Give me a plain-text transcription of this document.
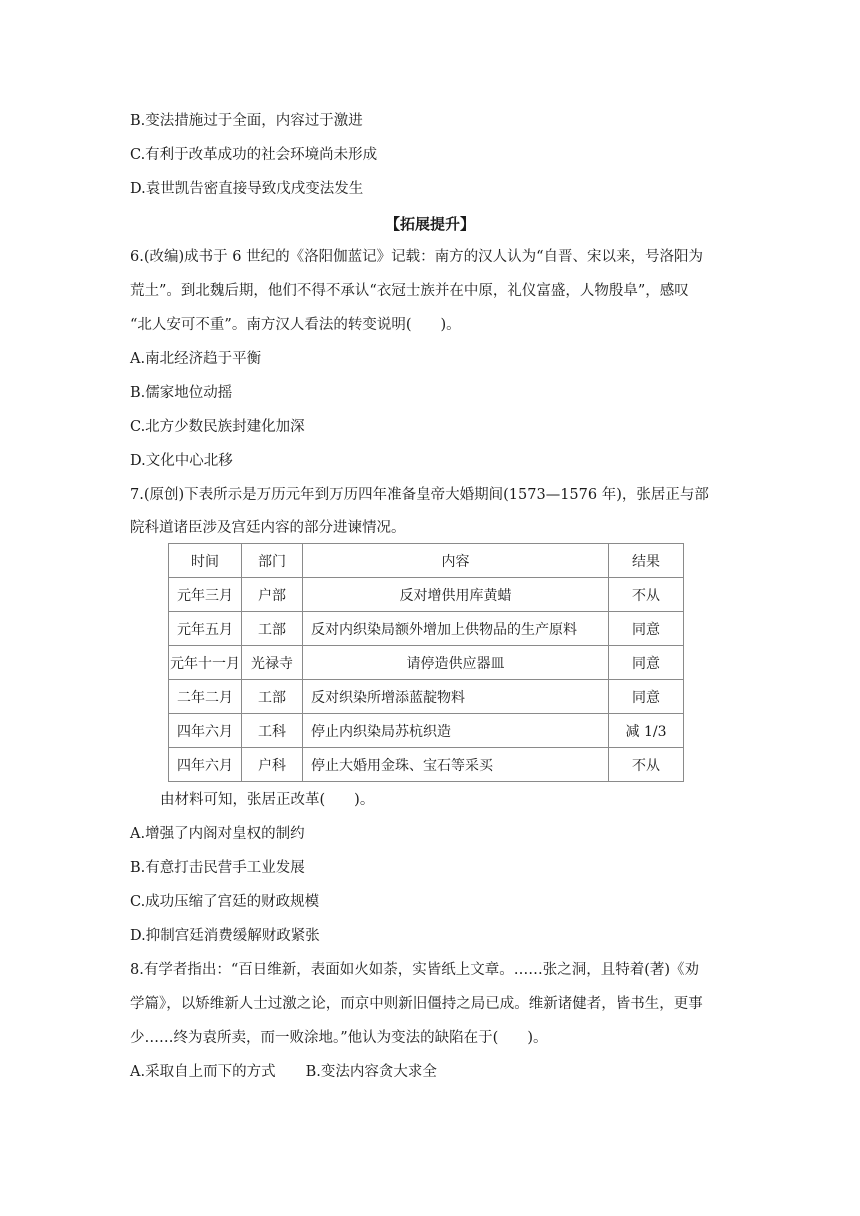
B.变法措施过于全面，内容过于激进
C.有利于改革成功的社会环境尚未形成
D.袁世凯告密直接导致戊戌变法发生
【拓展提升】
6.(改编)成书于 6 世纪的《洛阳伽蓝记》记载：南方的汉人认为“自晋、宋以来，号洛阳为
荒土”。到北魏后期，他们不得不承认“衣冠士族并在中原，礼仪富盛，人物殷阜”，感叹
“北人安可不重”。南方汉人看法的转变说明(　　)。
A.南北经济趋于平衡
B.儒家地位动摇
C.北方少数民族封建化加深
D.文化中心北移
7.(原创)下表所示是万历元年到万历四年准备皇帝大婚期间(1573—1576 年)，张居正与部
院科道诸臣涉及宫廷内容的部分进谏情况。
时间	部门	内容	结果
元年三月	户部	反对增供用库黄蜡	不从
元年五月	工部	反对内织染局额外增加上供物品的生产原料	同意
元年十一月	光禄寺	请停造供应器皿	同意
二年二月	工部	反对织染所增添蓝靛物料	同意
四年六月	工科	停止内织染局苏杭织造	减 1/3
四年六月	户科	停止大婚用金珠、宝石等采买	不从
由材料可知，张居正改革(　　)。
A.增强了内阁对皇权的制约
B.有意打击民营手工业发展
C.成功压缩了宫廷的财政规模
D.抑制宫廷消费缓解财政紧张
8.有学者指出：“百日维新，表面如火如荼，实皆纸上文章。……张之洞，且特着(著)《劝
学篇》，以矫维新人士过激之论，而京中则新旧僵持之局已成。维新诸健者，皆书生，更事
少……终为袁所卖，而一败涂地。”他认为变法的缺陷在于(　　)。
A.采取自上而下的方式 B.变法内容贪大求全
